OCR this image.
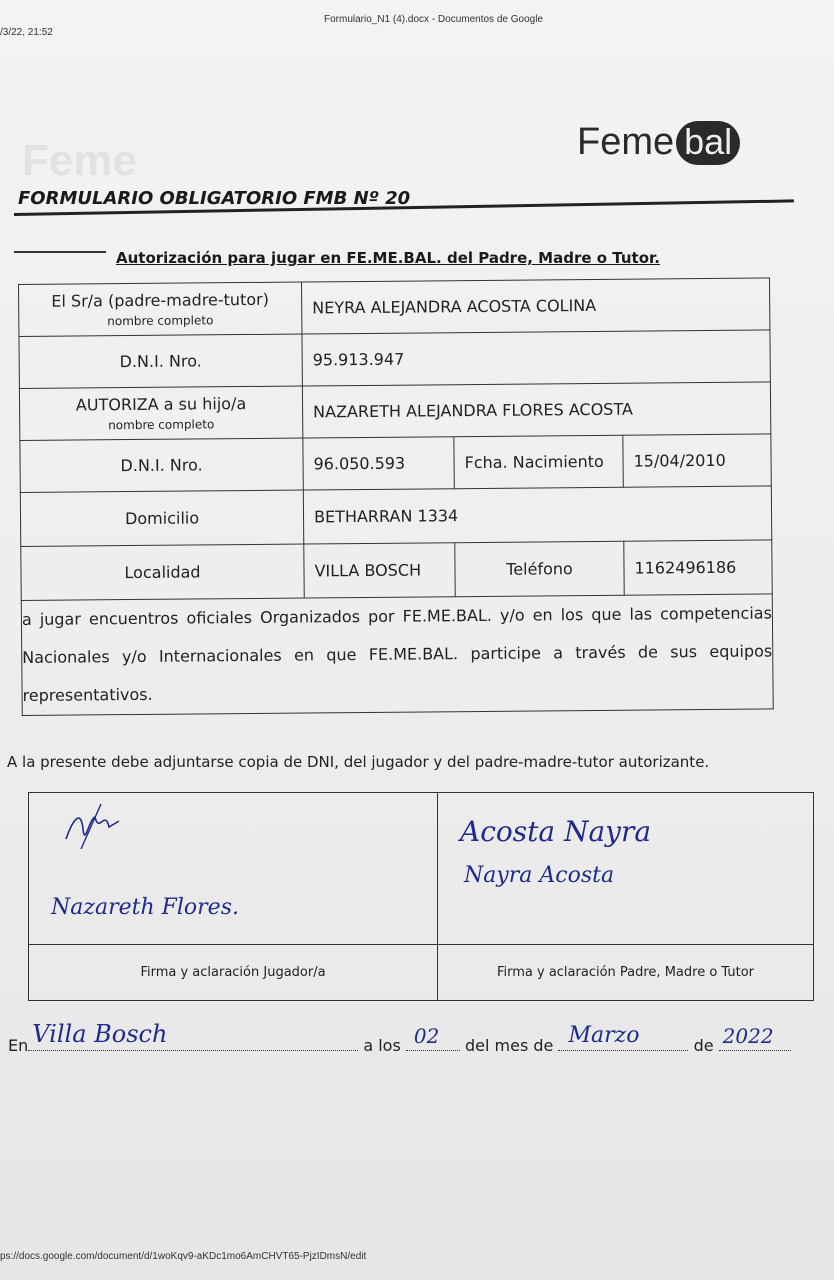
/3/22, 21:52
Formulario_N1 (4).docx - Documentos de Google
Feme	Feme bal
FORMULARIO OBLIGATORIO FMB Nº 20
Autorización para jugar en FE.ME.BAL. del Padre, Madre o Tutor.
El Sr/a (padre-madre-tutor)
nombre completo	NEYRA ALEJANDRA ACOSTA COLINA		
D.N.I. Nro.	95.913.947		
AUTORIZA a su hijo/a
nombre completo	NAZARETH ALEJANDRA FLORES ACOSTA		
D.N.I. Nro.	96.050.593	Fcha. Nacimiento	15/04/2010
Domicilio	BETHARRAN 1334		
Localidad	VILLA BOSCH	Teléfono	1162496186
a jugar encuentros oficiales Organizados por FE.ME.BAL. y/o en los que las competencias Nacionales y/o Internacionales en que FE.ME.BAL. participe a través de sus equipos representativos.			
A la presente debe adjuntarse copia de DNI, del jugador y del padre-madre-tutor autorizante.
Nazareth Flores.	Acosta Nayra
Nayra Acosta

Firma y aclaración Jugador/a	Firma y aclaración Padre, Madre o Tutor
En Villa Bosch	a los 02 del mes de Marzo	de 2022
ps://docs.google.com/document/d/1woKqv9-aKDc1mo6AmCHVT65-PjzIDmsN/edit
